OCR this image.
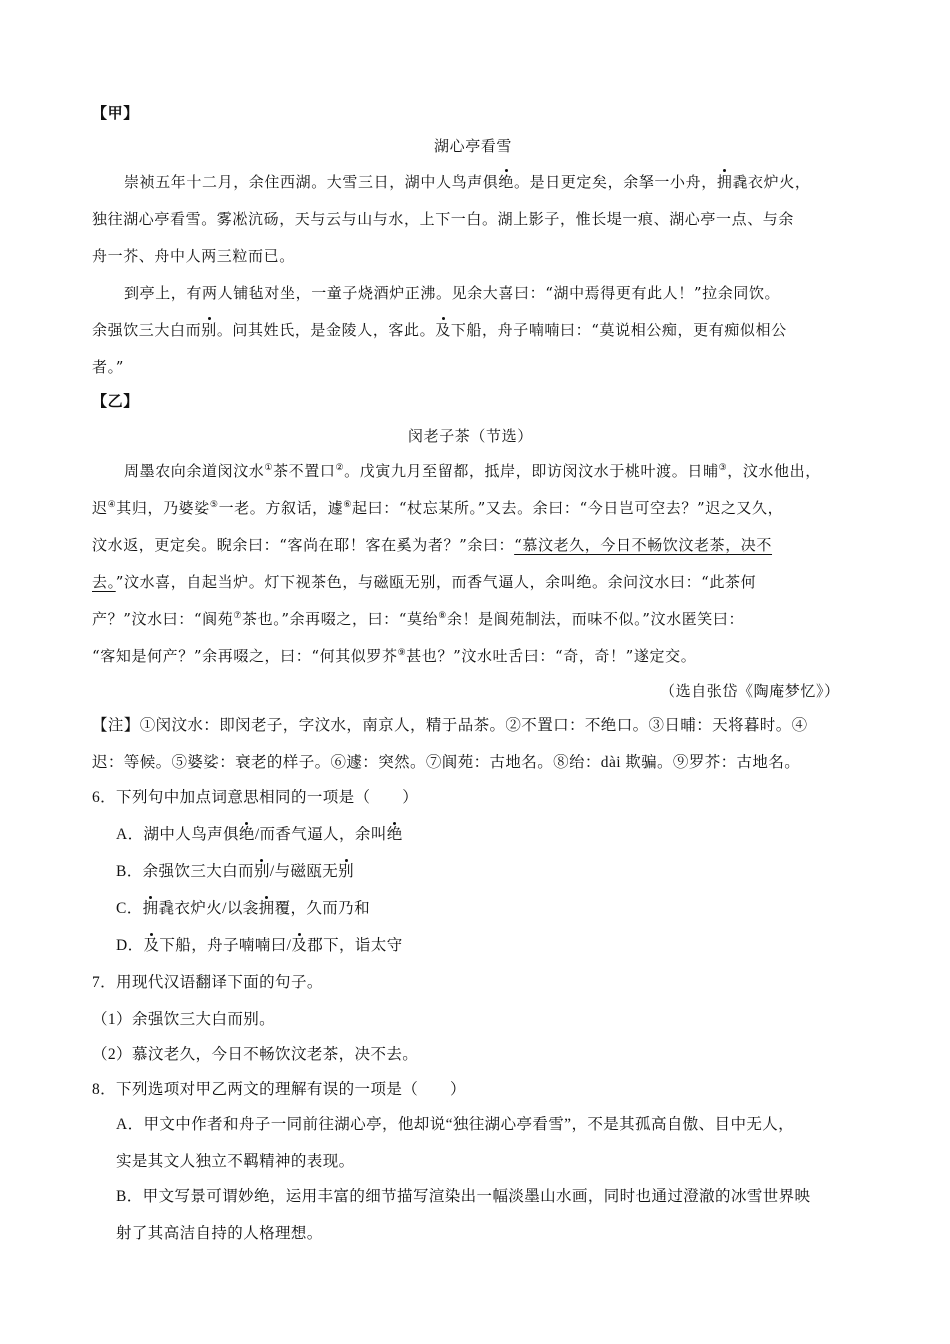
【甲】
湖心亭看雪
崇祯五年十二月，余住西湖。大雪三日，湖中人鸟声俱绝。是日更定矣，余拏一小舟，拥毳衣炉火，
独往湖心亭看雪。雾凇沆砀，天与云与山与水，上下一白。湖上影子，惟长堤一痕、湖心亭一点、与余
舟一芥、舟中人两三粒而已。
到亭上，有两人铺毡对坐，一童子烧酒炉正沸。见余大喜曰：“湖中焉得更有此人！”拉余同饮。
余强饮三大白而别。问其姓氏，是金陵人，客此。及下船，舟子喃喃曰：“莫说相公痴，更有痴似相公
者。”
【乙】
闵老子茶（节选）
周墨农向余道闵汶水①茶不置口②。戊寅九月至留都，抵岸，即访闵汶水于桃叶渡。日晡③，汶水他出，
迟④其归，乃婆娑⑤一老。方叙话，遽⑥起曰：“杖忘某所。”又去。余曰：“今日岂可空去？”迟之又久，
汶水返，更定矣。睨余曰：“客尚在耶！客在奚为者？”余曰：“慕汶老久，今日不畅饮汶老茶，决不
去。”汶水喜，自起当炉。灯下视茶色，与磁瓯无别，而香气逼人，余叫绝。余问汶水曰：“此茶何
产？”汶水曰：“阆苑⑦茶也。”余再啜之，曰：“莫绐⑧余！是阆苑制法，而味不似。”汶水匿笑曰：
“客知是何产？”余再啜之，曰：“何其似罗芥⑨甚也？”汶水吐舌曰：“奇，奇！”遂定交。
（选自张岱《陶庵梦忆》）
【注】①闵汶水：即闵老子，字汶水，南京人，精于品茶。②不置口：不绝口。③日晡：天将暮时。④
迟：等候。⑤婆娑：衰老的样子。⑥遽：突然。⑦阆苑：古地名。⑧绐：dài 欺骗。⑨罗芥：古地名。
6．下列句中加点词意思相同的一项是（　　）
A．湖中人鸟声俱绝/而香气逼人，余叫绝
B．余强饮三大白而别/与磁瓯无别
C．拥毳衣炉火/以衾拥覆，久而乃和
D．及下船，舟子喃喃曰/及郡下，诣太守
7．用现代汉语翻译下面的句子。
（1）余强饮三大白而别。
（2）慕汶老久，今日不畅饮汶老茶，决不去。
8．下列选项对甲乙两文的理解有误的一项是（　　）
A．甲文中作者和舟子一同前往湖心亭，他却说“独往湖心亭看雪”，不是其孤高自傲、目中无人，
实是其文人独立不羁精神的表现。
B．甲文写景可谓妙绝，运用丰富的细节描写渲染出一幅淡墨山水画，同时也通过澄澈的冰雪世界映
射了其高洁自持的人格理想。
